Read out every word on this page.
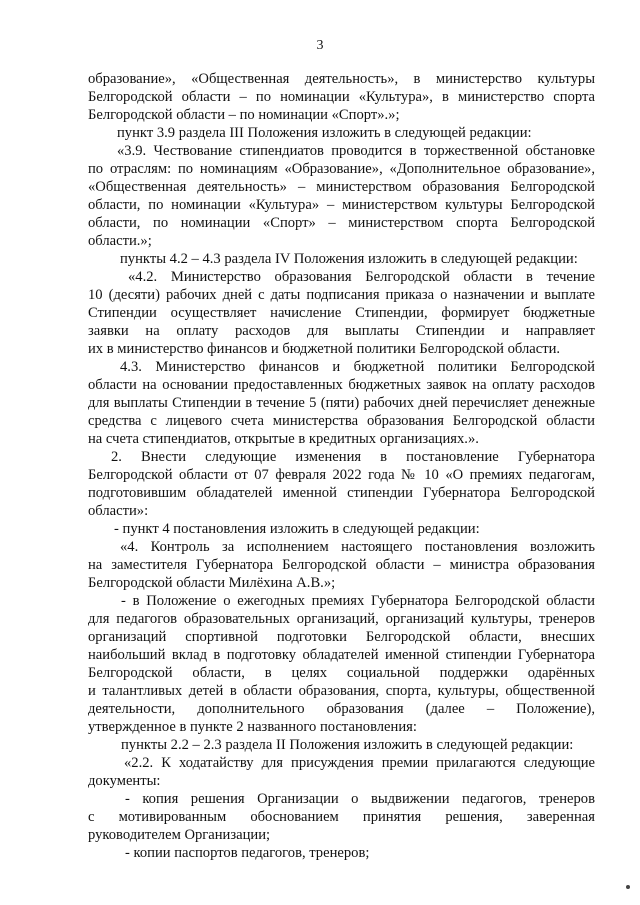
3
образование», «Общественная деятельность», в министерство культуры
Белгородской области – по номинации «Культура», в министерство спорта
Белгородской области – по номинации «Спорт».»;
пункт 3.9 раздела III Положения изложить в следующей редакции:
«3.9. Чествование стипендиатов проводится в торжественной обстановке
по отраслям: по номинациям «Образование», «Дополнительное образование»,
«Общественная деятельность» – министерством образования Белгородской
области, по номинации «Культура» – министерством культуры Белгородской
области, по номинации «Спорт» – министерством спорта Белгородской
области.»;
пункты 4.2 – 4.3 раздела IV Положения изложить в следующей редакции:
«4.2. Министерство образования Белгородской области в течение
10 (десяти) рабочих дней с даты подписания приказа о назначении и выплате
Стипендии осуществляет начисление Стипендии, формирует бюджетные
заявки на оплату расходов для выплаты Стипендии и направляет
их в министерство финансов и бюджетной политики Белгородской области.
4.3. Министерство финансов и бюджетной политики Белгородской
области на основании предоставленных бюджетных заявок на оплату расходов
для выплаты Стипендии в течение 5 (пяти) рабочих дней перечисляет денежные
средства с лицевого счета министерства образования Белгородской области
на счета стипендиатов, открытые в кредитных организациях.».
2. Внести следующие изменения в постановление Губернатора
Белгородской области от 07 февраля 2022 года № 10 «О премиях педагогам,
подготовившим обладателей именной стипендии Губернатора Белгородской
области»:
- пункт 4 постановления изложить в следующей редакции:
«4. Контроль за исполнением настоящего постановления возложить
на заместителя Губернатора Белгородской области – министра образования
Белгородской области Милёхина А.В.»;
- в Положение о ежегодных премиях Губернатора Белгородской области
для педагогов образовательных организаций, организаций культуры, тренеров
организаций спортивной подготовки Белгородской области, внесших
наибольший вклад в подготовку обладателей именной стипендии Губернатора
Белгородской области, в целях социальной поддержки одарённых
и талантливых детей в области образования, спорта, культуры, общественной
деятельности, дополнительного образования (далее – Положение),
утвержденное в пункте 2 названного постановления:
пункты 2.2 – 2.3 раздела II Положения изложить в следующей редакции:
«2.2. К ходатайству для присуждения премии прилагаются следующие
документы:
- копия решения Организации о выдвижении педагогов, тренеров
с мотивированным обоснованием принятия решения, заверенная
руководителем Организации;
- копии паспортов педагогов, тренеров;
